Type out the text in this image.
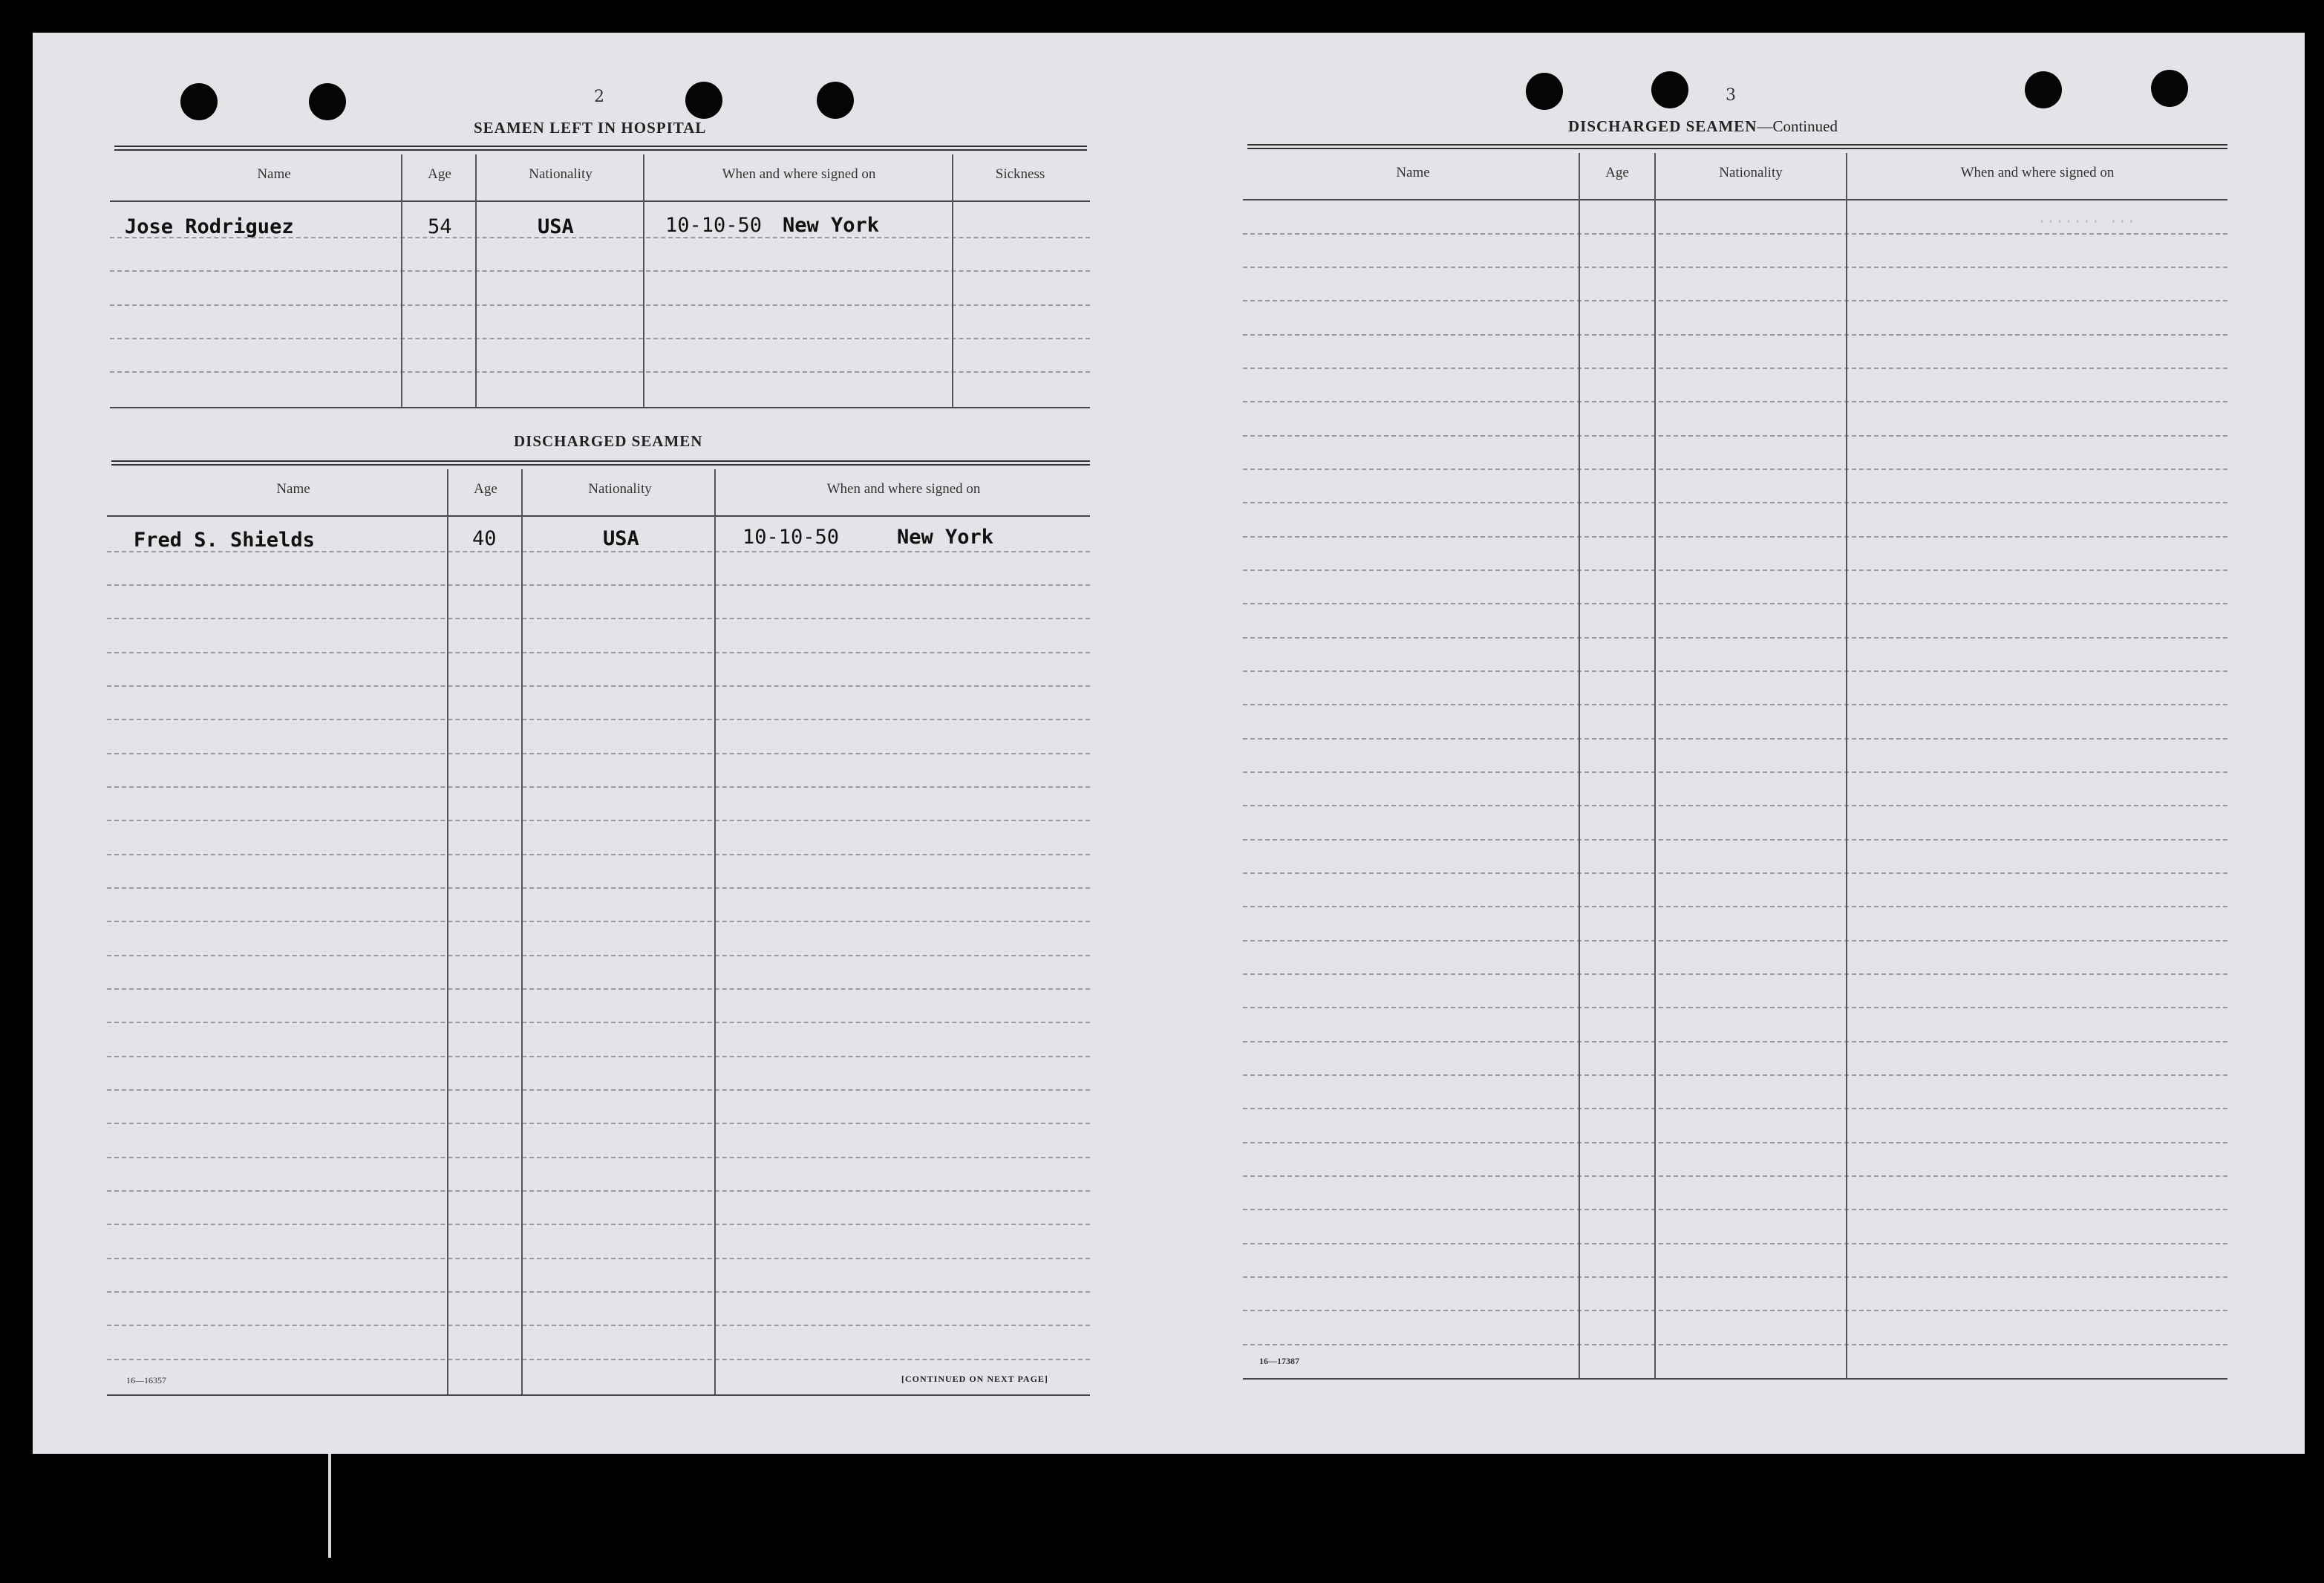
2
SEAMEN LEFT IN HOSPITAL
Name	Age	Nationality	When and where signed on	Sickness
Jose Rodriguez	54	USA	10-10-50 New York
DISCHARGED SEAMEN
Name	Age	Nationality	When and where signed on
Fred S. Shields	40	USA	10-10-50	New York
16—16357	[CONTINUED ON NEXT PAGE]
3
DISCHARGED SEAMEN—Continued
Name	Age	Nationality	When and where signed on
······· ···
16—17387
